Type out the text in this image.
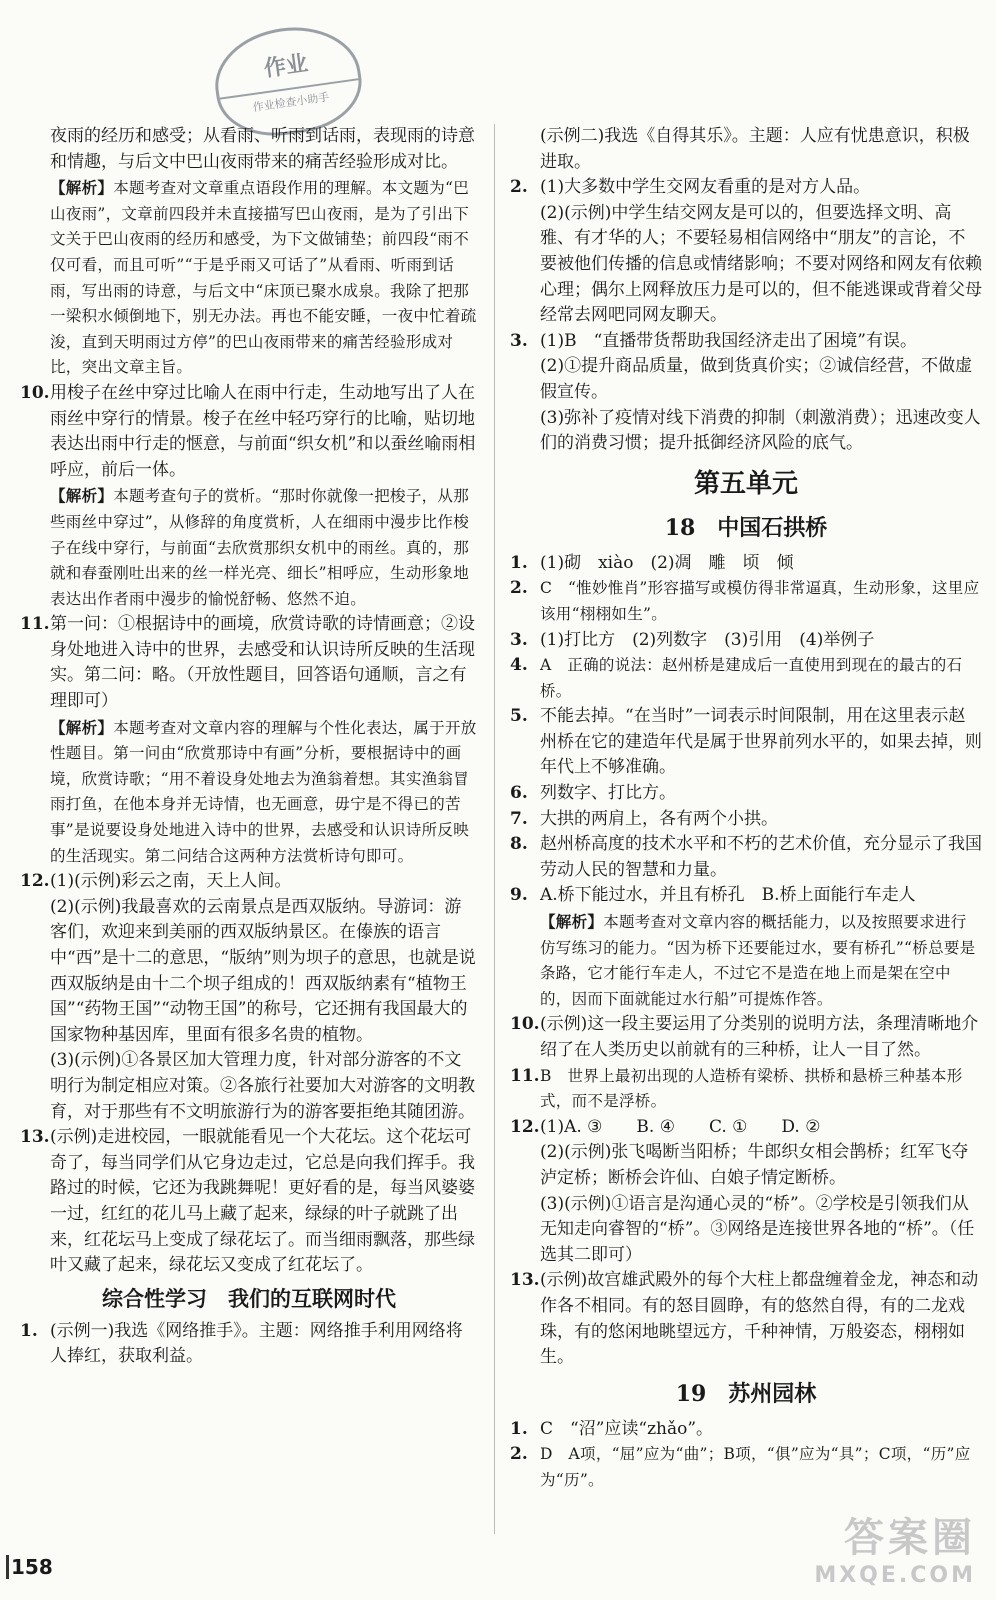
作业
作业检查小助手
夜雨的经历和感受；从看雨、听雨到话雨，表现雨的诗意和情趣，与后文中巴山夜雨带来的痛苦经验形成对比。
【解析】本题考查对文章重点语段作用的理解。本文题为“巴山夜雨”，文章前四段并未直接描写巴山夜雨，是为了引出下文关于巴山夜雨的经历和感受，为下文做铺垫；前四段“雨不仅可看，而且可听”“于是乎雨又可话了”从看雨、听雨到话雨，写出雨的诗意，与后文中“床顶已聚水成泉。我除了把那一梁积水倾倒地下，别无办法。再也不能安睡，一夜中忙着疏浚，直到天明雨过方停”的巴山夜雨带来的痛苦经验形成对比，突出文章主旨。
10. 用梭子在丝中穿过比喻人在雨中行走，生动地写出了人在雨丝中穿行的情景。梭子在丝中轻巧穿行的比喻，贴切地表达出雨中行走的惬意，与前面“织女机”和以蚕丝喻雨相呼应，前后一体。
【解析】本题考查句子的赏析。“那时你就像一把梭子，从那些雨丝中穿过”，从修辞的角度赏析，人在细雨中漫步比作梭子在线中穿行，与前面“去欣赏那织女机中的雨丝。真的，那就和春蚕刚吐出来的丝一样光亮、细长”相呼应，生动形象地表达出作者雨中漫步的愉悦舒畅、悠然不迫。
11. 第一问：①根据诗中的画境，欣赏诗歌的诗情画意；②设身处地进入诗中的世界，去感受和认识诗所反映的生活现实。第二问：略。（开放性题目，回答语句通顺，言之有理即可）
【解析】本题考查对文章内容的理解与个性化表达，属于开放性题目。第一问由“欣赏那诗中有画”分析，要根据诗中的画境，欣赏诗歌；“用不着设身处地去为渔翁着想。其实渔翁冒雨打鱼，在他本身并无诗情，也无画意，毋宁是不得已的苦事”是说要设身处地进入诗中的世界，去感受和认识诗所反映的生活现实。第二问结合这两种方法赏析诗句即可。
12. (1)(示例)彩云之南，天上人间。
(2)(示例)我最喜欢的云南景点是西双版纳。导游词：游客们，欢迎来到美丽的西双版纳景区。在傣族的语言中“西”是十二的意思，“版纳”则为坝子的意思，也就是说西双版纳是由十二个坝子组成的！西双版纳素有“植物王国”“药物王国”“动物王国”的称号，它还拥有我国最大的国家物种基因库，里面有很多名贵的植物。
(3)(示例)①各景区加大管理力度，针对部分游客的不文明行为制定相应对策。②各旅行社要加大对游客的文明教育，对于那些有不文明旅游行为的游客要拒绝其随团游。
13. (示例)走进校园，一眼就能看见一个大花坛。这个花坛可奇了，每当同学们从它身边走过，它总是向我们挥手。我路过的时候，它还为我跳舞呢！更好看的是，每当风婆婆一过，红红的花儿马上藏了起来，绿绿的叶子就跳了出来，红花坛马上变成了绿花坛了。而当细雨飘落，那些绿叶又藏了起来，绿花坛又变成了红花坛了。
综合性学习　我们的互联网时代
1. (示例一)我选《网络推手》。主题：网络推手利用网络将人捧红，获取利益。
(示例二)我选《自得其乐》。主题：人应有忧患意识，积极进取。
2. (1)大多数中学生交网友看重的是对方人品。
(2)(示例)中学生结交网友是可以的，但要选择文明、高雅、有才华的人；不要轻易相信网络中“朋友”的言论，不要被他们传播的信息或情绪影响；不要对网络和网友有依赖心理；偶尔上网释放压力是可以的，但不能逃课或背着父母经常去网吧同网友聊天。
3. (1)B　“直播带货帮助我国经济走出了困境”有误。
(2)①提升商品质量，做到货真价实；②诚信经营，不做虚假宣传。
(3)弥补了疫情对线下消费的抑制（刺激消费）；迅速改变人们的消费习惯；提升抵御经济风险的底气。
第五单元
18　中国石拱桥
1. (1)砌　xiào　(2)凋　雕　顷　倾
2. C　“惟妙惟肖”形容描写或模仿得非常逼真，生动形象，这里应该用“栩栩如生”。
3. (1)打比方　(2)列数字　(3)引用　(4)举例子
4. A　正确的说法：赵州桥是建成后一直使用到现在的最古的石桥。
5. 不能去掉。“在当时”一词表示时间限制，用在这里表示赵州桥在它的建造年代是属于世界前列水平的，如果去掉，则年代上不够准确。
6. 列数字、打比方。
7. 大拱的两肩上，各有两个小拱。
8. 赵州桥高度的技术水平和不朽的艺术价值，充分显示了我国劳动人民的智慧和力量。
9. A.桥下能过水，并且有桥孔　B.桥上面能行车走人
【解析】本题考查对文章内容的概括能力，以及按照要求进行仿写练习的能力。“因为桥下还要能过水，要有桥孔”“桥总要是条路，它才能行车走人，不过它不是造在地上而是架在空中的，因而下面就能过水行船”可提炼作答。
10. (示例)这一段主要运用了分类别的说明方法，条理清晰地介绍了在人类历史以前就有的三种桥，让人一目了然。
11. B　世界上最初出现的人造桥有梁桥、拱桥和悬桥三种基本形式，而不是浮桥。
12. (1)A. ③　　B. ④　　C. ①　　D. ②
(2)(示例)张飞喝断当阳桥；牛郎织女相会鹊桥；红军飞夺泸定桥；断桥会许仙、白娘子情定断桥。
(3)(示例)①语言是沟通心灵的“桥”。②学校是引领我们从无知走向睿智的“桥”。③网络是连接世界各地的“桥”。（任选其二即可）
13. (示例)故宫雄武殿外的每个大柱上都盘缠着金龙，神态和动作各不相同。有的怒目圆睁，有的悠然自得，有的二龙戏珠，有的悠闲地眺望远方，千种神情，万般姿态，栩栩如生。
19　苏州园林
1. C　“沼”应读“zhǎo”。
2. D　A项，“屈”应为“曲”；B项，“俱”应为“具”；C项，“历”应为“历”。
158
答案圈
MXQE.COM
